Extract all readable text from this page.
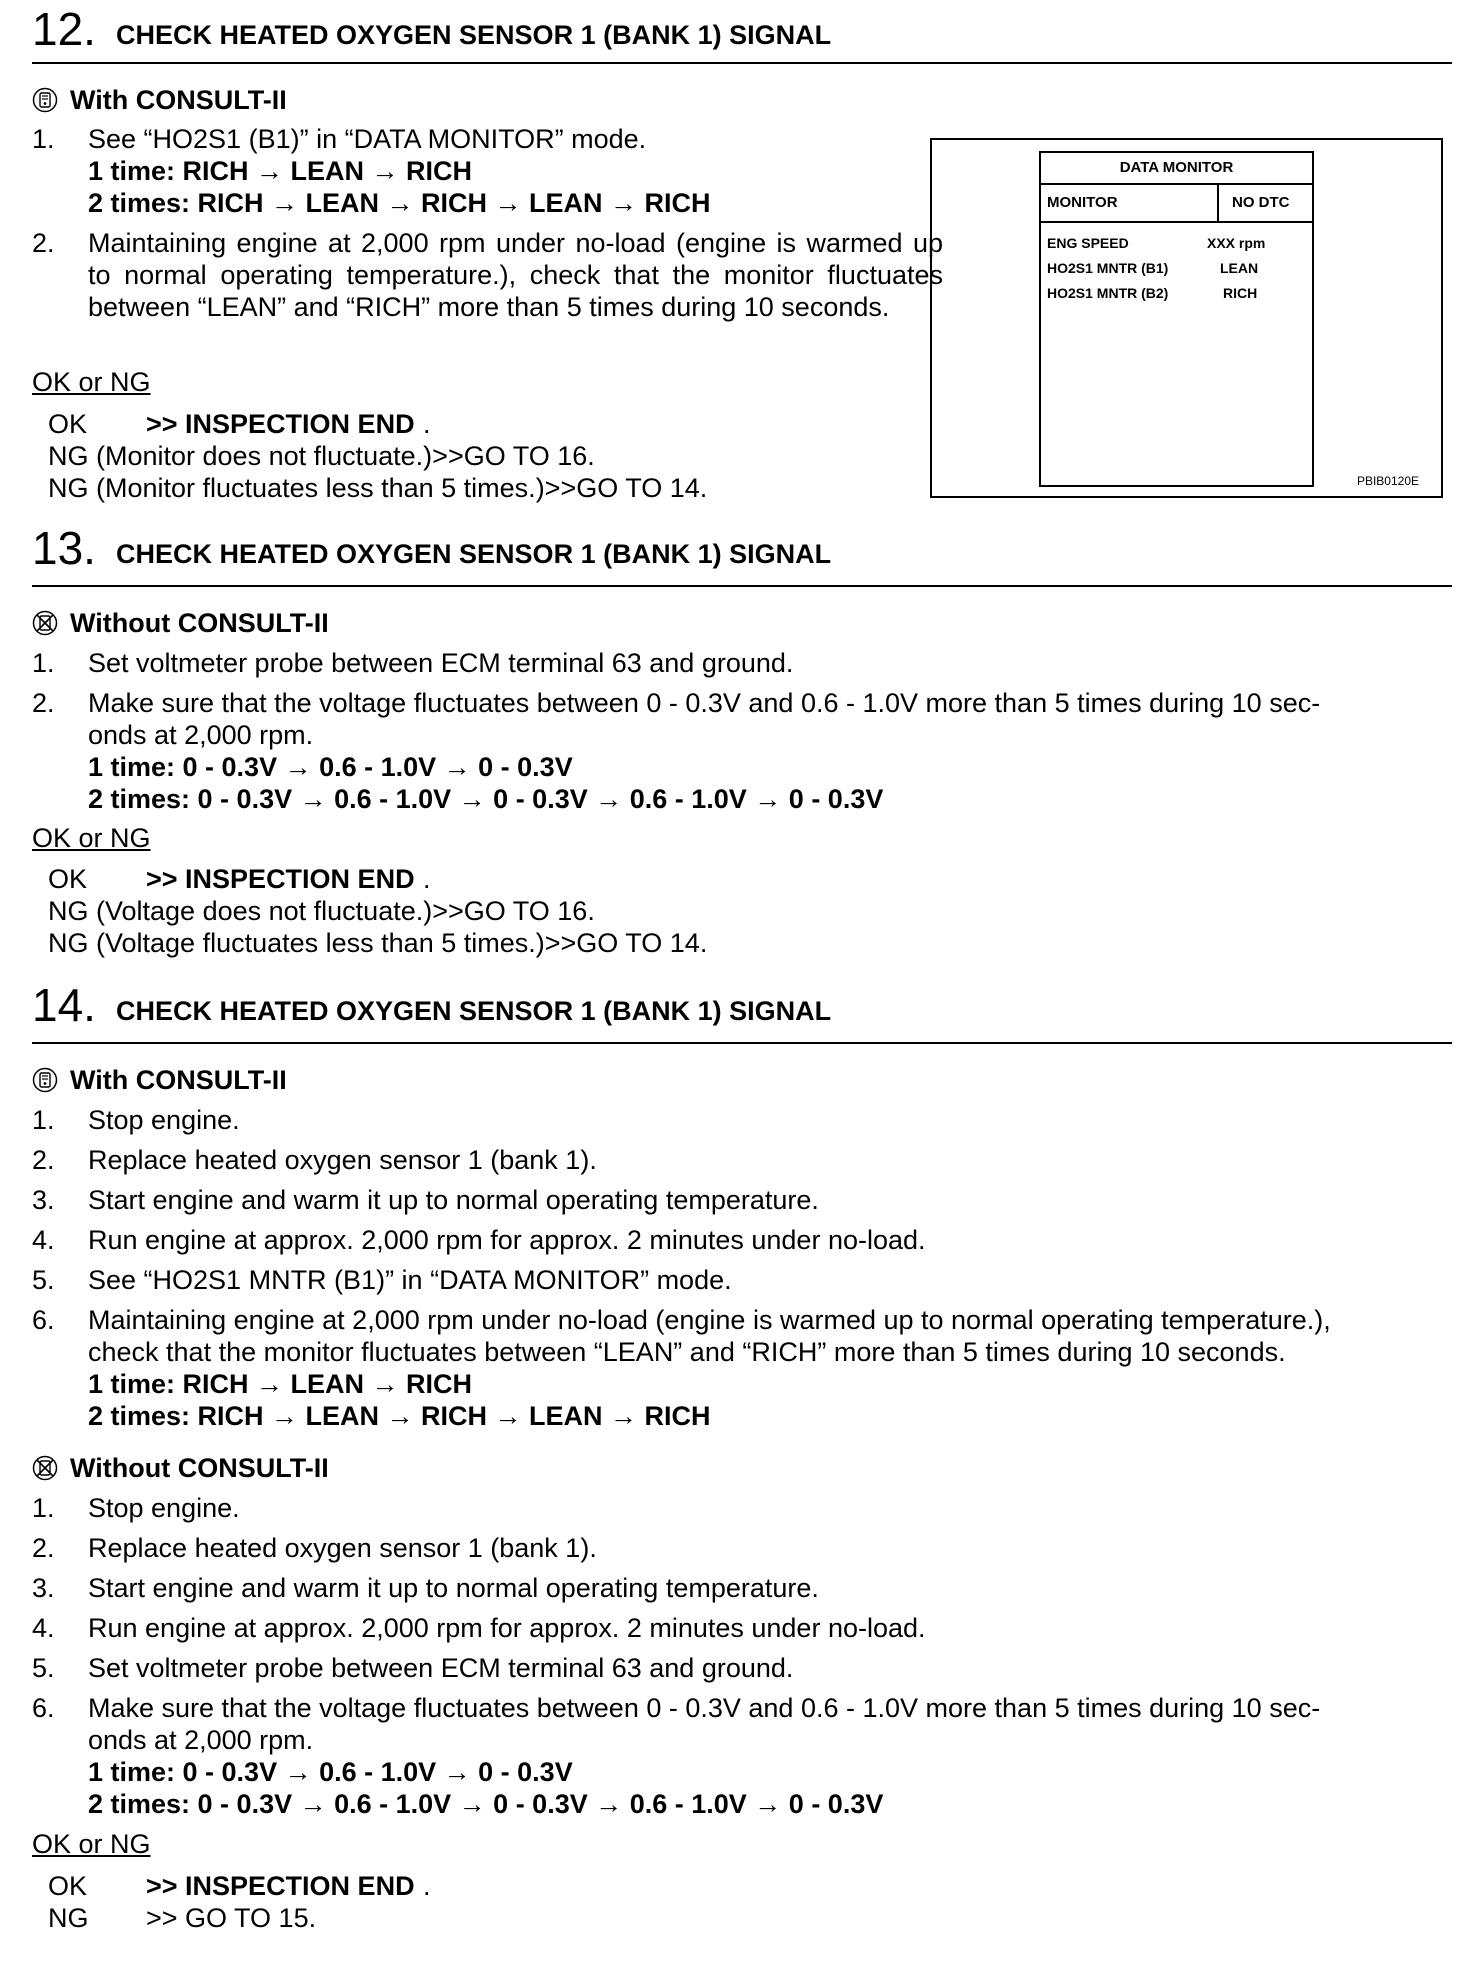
12. CHECK HEATED OXYGEN SENSOR 1 (BANK 1) SIGNAL
With CONSULT-II
1. See “HO2S1 (B1)” in “DATA MONITOR” mode.
1 time: RICH → LEAN → RICH
2 times: RICH → LEAN → RICH → LEAN → RICH
2. Maintaining engine at 2,000 rpm under no-load (engine is warmed up to normal operating temperature.), check that the monitor fluctuates between “LEAN” and “RICH” more than 5 times during 10 seconds.
OK or NG
OK >> INSPECTION END .
NG (Monitor does not fluctuate.)>>GO TO 16.
NG (Monitor fluctuates less than 5 times.)>>GO TO 14.
DATA MONITOR
MONITOR	NO DTC
ENG SPEED	XXX rpm
HO2S1 MNTR (B1)	LEAN
HO2S1 MNTR (B2)	RICH
PBIB0120E
13. CHECK HEATED OXYGEN SENSOR 1 (BANK 1) SIGNAL
Without CONSULT-II
1. Set voltmeter probe between ECM terminal 63 and ground.
2. Make sure that the voltage fluctuates between 0 - 0.3V and 0.6 - 1.0V more than 5 times during 10 sec-
onds at 2,000 rpm.
1 time: 0 - 0.3V → 0.6 - 1.0V → 0 - 0.3V
2 times: 0 - 0.3V → 0.6 - 1.0V → 0 - 0.3V → 0.6 - 1.0V → 0 - 0.3V
OK or NG
OK >> INSPECTION END .
NG (Voltage does not fluctuate.)>>GO TO 16.
NG (Voltage fluctuates less than 5 times.)>>GO TO 14.
14. CHECK HEATED OXYGEN SENSOR 1 (BANK 1) SIGNAL
With CONSULT-II
1. Stop engine.
2. Replace heated oxygen sensor 1 (bank 1).
3. Start engine and warm it up to normal operating temperature.
4. Run engine at approx. 2,000 rpm for approx. 2 minutes under no-load.
5. See “HO2S1 MNTR (B1)” in “DATA MONITOR” mode.
6. Maintaining engine at 2,000 rpm under no-load (engine is warmed up to normal operating temperature.),
check that the monitor fluctuates between “LEAN” and “RICH” more than 5 times during 10 seconds.
1 time: RICH → LEAN → RICH
2 times: RICH → LEAN → RICH → LEAN → RICH
Without CONSULT-II
1. Stop engine.
2. Replace heated oxygen sensor 1 (bank 1).
3. Start engine and warm it up to normal operating temperature.
4. Run engine at approx. 2,000 rpm for approx. 2 minutes under no-load.
5. Set voltmeter probe between ECM terminal 63 and ground.
6. Make sure that the voltage fluctuates between 0 - 0.3V and 0.6 - 1.0V more than 5 times during 10 sec-
onds at 2,000 rpm.
1 time: 0 - 0.3V → 0.6 - 1.0V → 0 - 0.3V
2 times: 0 - 0.3V → 0.6 - 1.0V → 0 - 0.3V → 0.6 - 1.0V → 0 - 0.3V
OK or NG
OK >> INSPECTION END .
NG >> GO TO 15.
